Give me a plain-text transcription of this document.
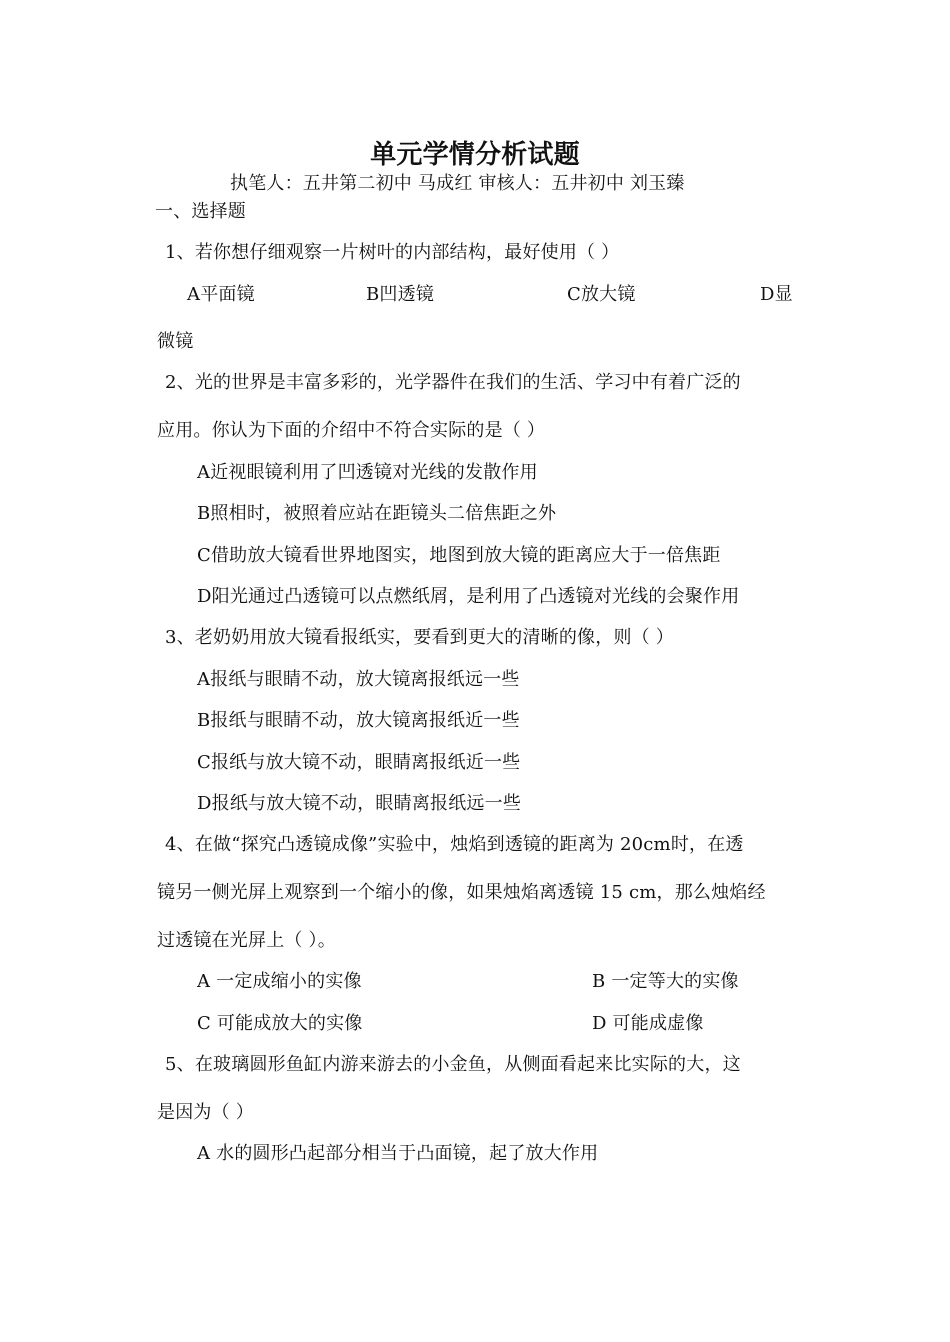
单元学情分析试题
执笔人：五井第二初中 马成红 审核人：五井初中 刘玉臻
一、选择题
1、若你想仔细观察一片树叶的内部结构，最好使用（ ）
A平面镜	B凹透镜	C放大镜	D显
微镜
2、光的世界是丰富多彩的，光学器件在我们的生活、学习中有着广泛的
应用。你认为下面的介绍中不符合实际的是（ ）
A近视眼镜利用了凹透镜对光线的发散作用
B照相时，被照着应站在距镜头二倍焦距之外
C借助放大镜看世界地图实，地图到放大镜的距离应大于一倍焦距
D阳光通过凸透镜可以点燃纸屑，是利用了凸透镜对光线的会聚作用
3、老奶奶用放大镜看报纸实，要看到更大的清晰的像，则（ ）
A报纸与眼睛不动，放大镜离报纸远一些
B报纸与眼睛不动，放大镜离报纸近一些
C报纸与放大镜不动，眼睛离报纸近一些
D报纸与放大镜不动，眼睛离报纸远一些
4、在做“探究凸透镜成像”实验中，烛焰到透镜的距离为 20cm时，在透
镜另一侧光屏上观察到一个缩小的像，如果烛焰离透镜 15 cm，那么烛焰经
过透镜在光屏上（ ）。
A 一定成缩小的实像	B 一定等大的实像
C 可能成放大的实像	D 可能成虚像
5、在玻璃圆形鱼缸内游来游去的小金鱼，从侧面看起来比实际的大，这
是因为（ ）
A 水的圆形凸起部分相当于凸面镜，起了放大作用
